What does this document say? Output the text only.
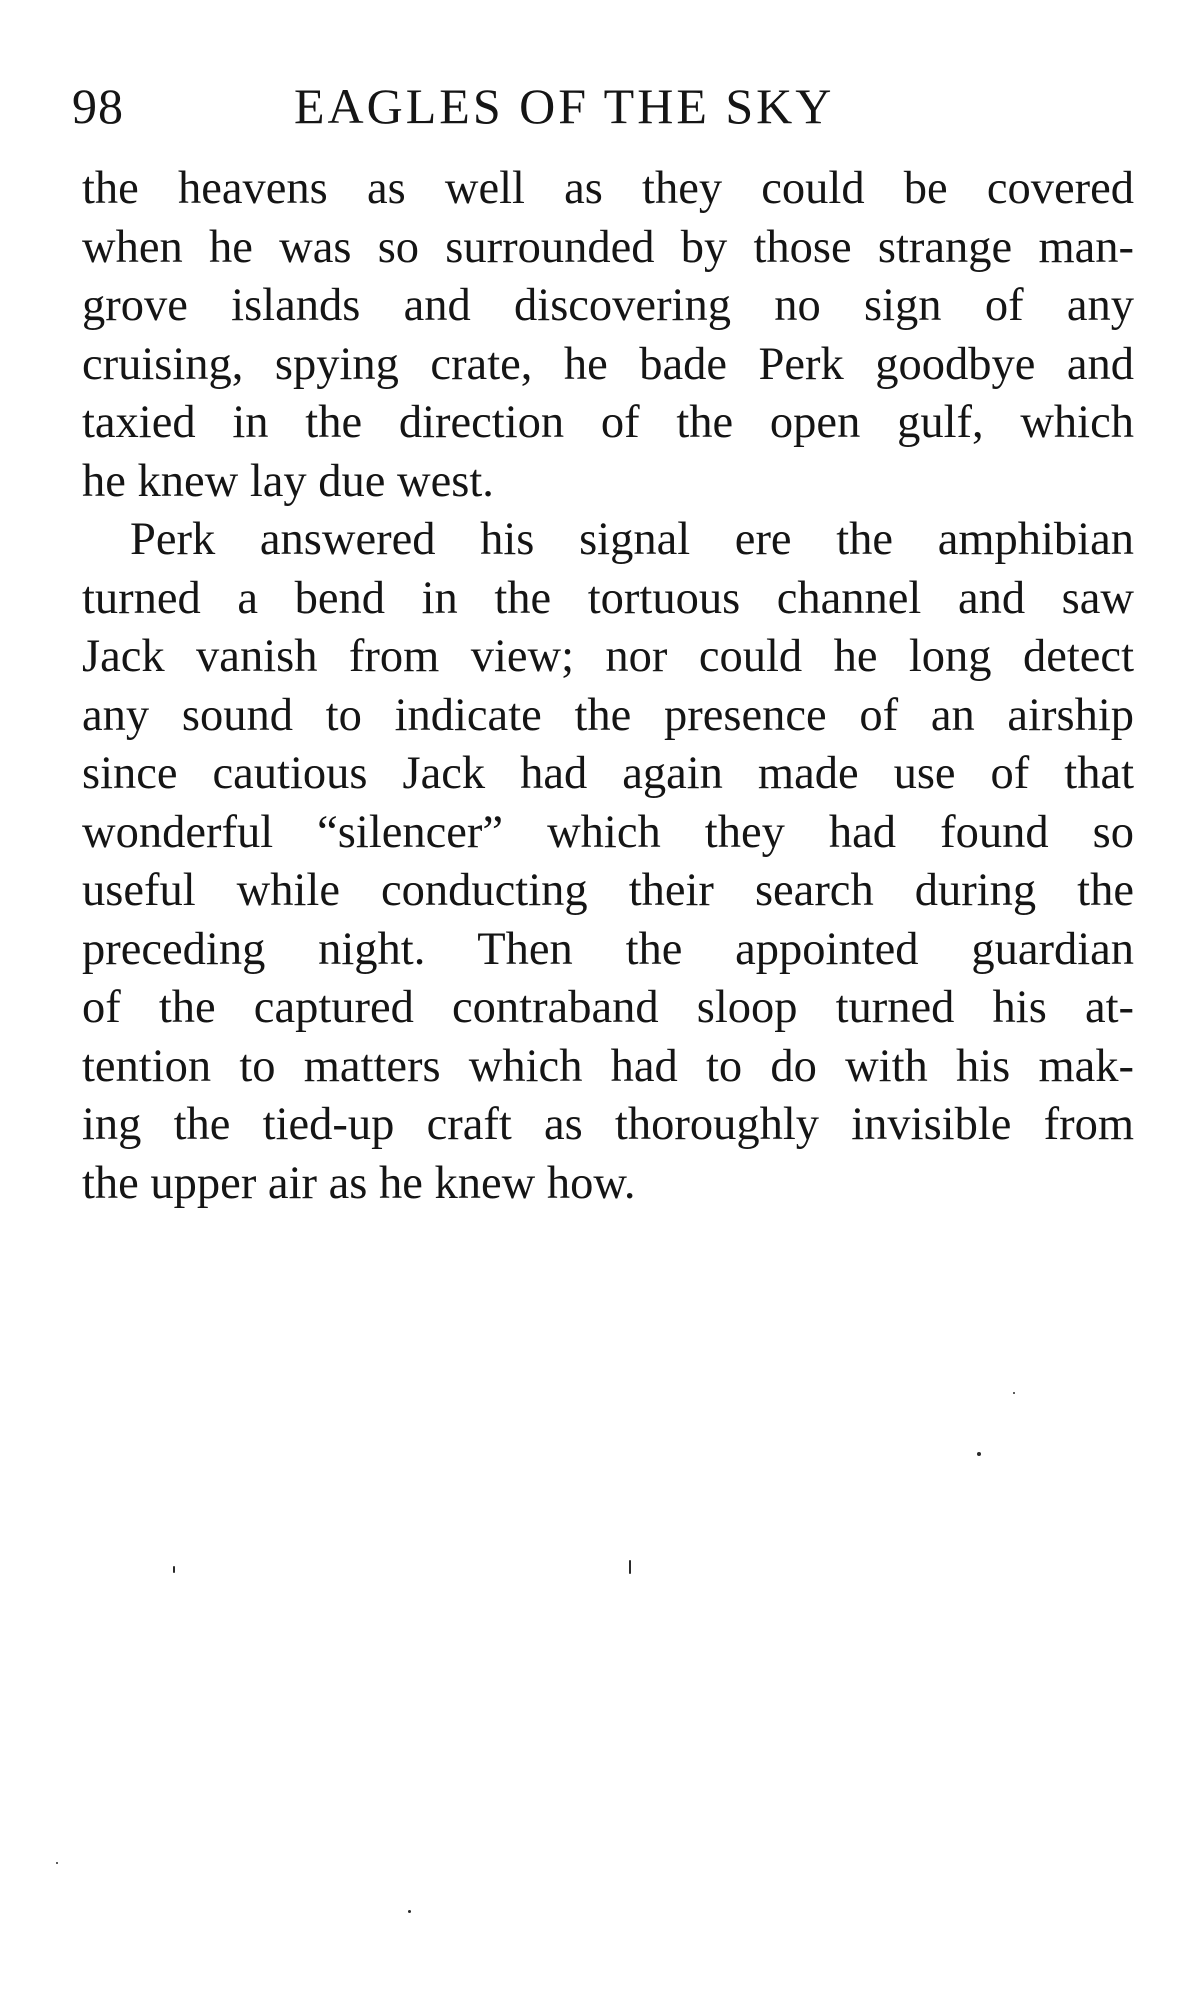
98	EAGLES OF THE SKY
the heavens as well as they could be covered
when he was so surrounded by those strange man-
grove islands and discovering no sign of any
cruising, spying crate, he bade Perk goodbye and
taxied in the direction of the open gulf, which
he knew lay due west.
Perk answered his signal ere the amphibian
turned a bend in the tortuous channel and saw
Jack vanish from view; nor could he long detect
any sound to indicate the presence of an airship
since cautious Jack had again made use of that
wonderful “silencer” which they had found so
useful while conducting their search during the
preceding night. Then the appointed guardian
of the captured contraband sloop turned his at-
tention to matters which had to do with his mak-
ing the tied-up craft as thoroughly invisible from
the upper air as he knew how.
